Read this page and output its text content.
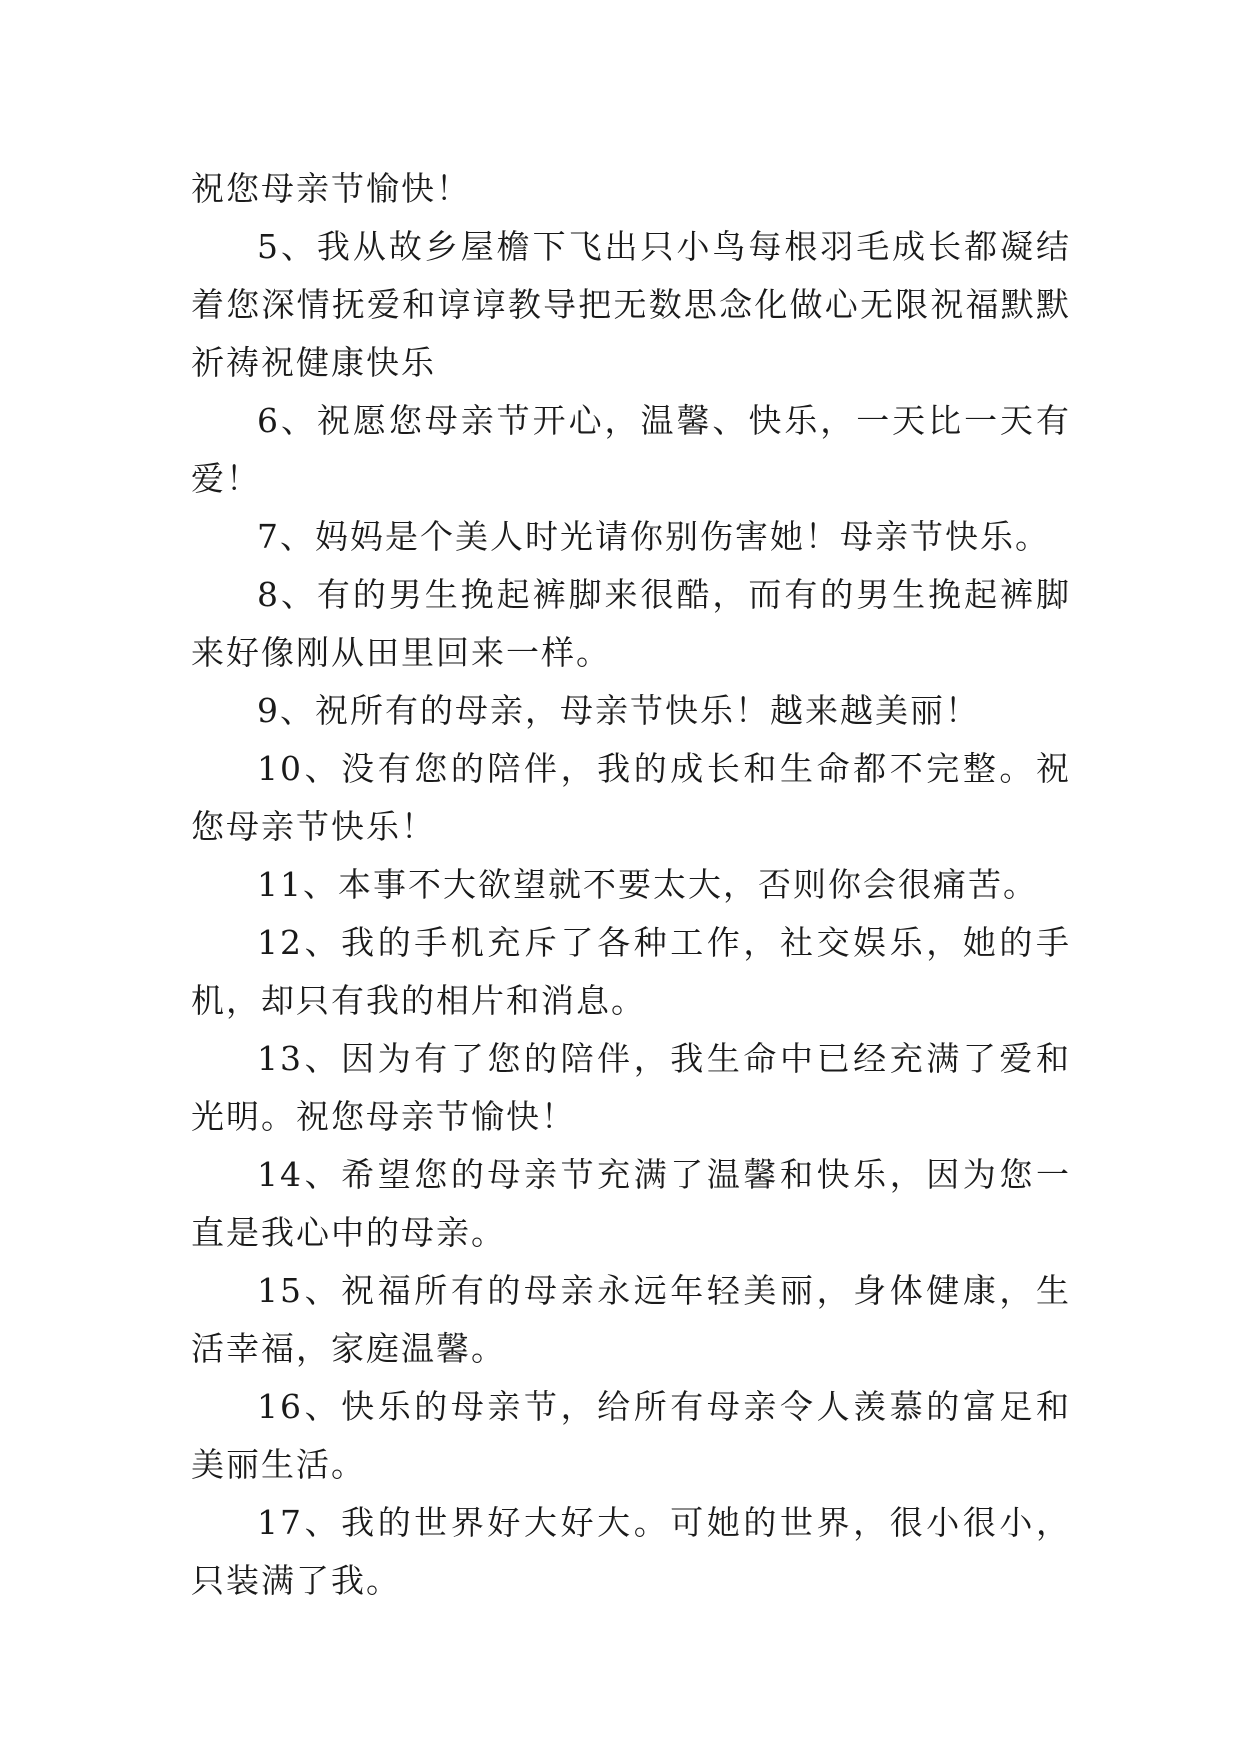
祝您母亲节愉快！

5、我从故乡屋檐下飞出只小鸟每根羽毛成长都凝结着您深情抚爱和谆谆教导把无数思念化做心无限祝福默默祈祷祝健康快乐

6、祝愿您母亲节开心，温馨、快乐，一天比一天有爱！

7、妈妈是个美人时光请你别伤害她！母亲节快乐。

8、有的男生挽起裤脚来很酷，而有的男生挽起裤脚来好像刚从田里回来一样。

9、祝所有的母亲，母亲节快乐！越来越美丽！

10、没有您的陪伴，我的成长和生命都不完整。祝您母亲节快乐！

11、本事不大欲望就不要太大，否则你会很痛苦。

12、我的手机充斥了各种工作，社交娱乐，她的手机，却只有我的相片和消息。

13、因为有了您的陪伴，我生命中已经充满了爱和光明。祝您母亲节愉快！

14、希望您的母亲节充满了温馨和快乐，因为您一直是我心中的母亲。

15、祝福所有的母亲永远年轻美丽，身体健康，生活幸福，家庭温馨。

16、快乐的母亲节，给所有母亲令人羡慕的富足和美丽生活。

17、我的世界好大好大。可她的世界，很小很小，只装满了我。
